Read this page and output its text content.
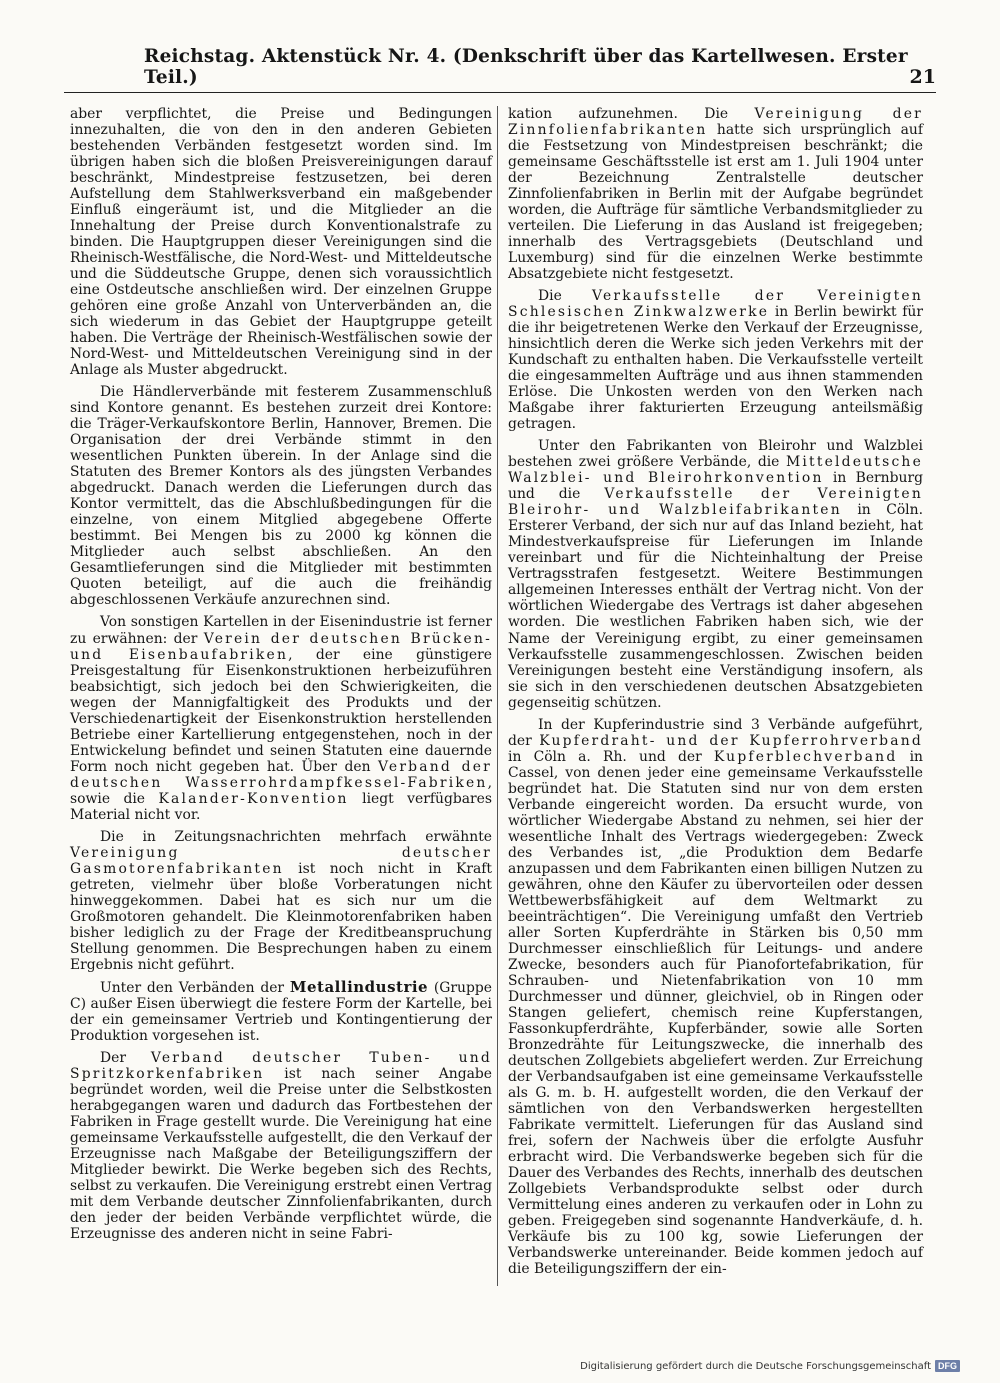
Reichstag. Aktenstück Nr. 4. (Denkschrift über das Kartellwesen. Erster Teil.)	21

aber verpflichtet, die Preise und Bedingungen innezuhalten, die von den in den anderen Gebieten bestehenden Verbänden festgesetzt worden sind. Im übrigen haben sich die bloßen Preisvereinigungen darauf beschränkt, Mindestpreise festzusetzen, bei deren Aufstellung dem Stahlwerksverband ein maßgebender Einfluß eingeräumt ist, und die Mitglieder an die Innehaltung der Preise durch Konventionalstrafe zu binden. Die Hauptgruppen dieser Vereinigungen sind die Rheinisch-Westfälische, die Nord-West- und Mitteldeutsche und die Süddeutsche Gruppe, denen sich voraussichtlich eine Ostdeutsche anschließen wird. Der einzelnen Gruppe gehören eine große Anzahl von Unterverbänden an, die sich wiederum in das Gebiet der Hauptgruppe geteilt haben. Die Verträge der Rheinisch-Westfälischen sowie der Nord-West- und Mitteldeutschen Vereinigung sind in der Anlage als Muster abgedruckt.

Die Händlerverbände mit festerem Zusammenschluß sind Kontore genannt. Es bestehen zurzeit drei Kontore: die Träger-Verkaufskontore Berlin, Hannover, Bremen. Die Organisation der drei Verbände stimmt in den wesentlichen Punkten überein. In der Anlage sind die Statuten des Bremer Kontors als des jüngsten Verbandes abgedruckt. Danach werden die Lieferungen durch das Kontor vermittelt, das die Abschlußbedingungen für die einzelne, von einem Mitglied abgegebene Offerte bestimmt. Bei Mengen bis zu 2000 kg können die Mitglieder auch selbst abschließen. An den Gesamtlieferungen sind die Mitglieder mit bestimmten Quoten beteiligt, auf die auch die freihändig abgeschlossenen Verkäufe anzurechnen sind.

Von sonstigen Kartellen in der Eisenindustrie ist ferner zu erwähnen: der Verein der deutschen Brücken- und Eisenbaufabriken, der eine günstigere Preisgestaltung für Eisenkonstruktionen herbeizuführen beabsichtigt, sich jedoch bei den Schwierigkeiten, die wegen der Mannigfaltigkeit des Produkts und der Verschiedenartigkeit der Eisenkonstruktion herstellenden Betriebe einer Kartellierung entgegenstehen, noch in der Entwickelung befindet und seinen Statuten eine dauernde Form noch nicht gegeben hat. Über den Verband der deutschen Wasserrohrdampfkessel-Fabriken, sowie die Kalander-Konvention liegt verfügbares Material nicht vor.

Die in Zeitungsnachrichten mehrfach erwähnte Vereinigung deutscher Gasmotorenfabrikanten ist noch nicht in Kraft getreten, vielmehr über bloße Vorberatungen nicht hinweggekommen. Dabei hat es sich nur um die Großmotoren gehandelt. Die Kleinmotorenfabriken haben bisher lediglich zu der Frage der Kreditbeanspruchung Stellung genommen. Die Besprechungen haben zu einem Ergebnis nicht geführt.

Unter den Verbänden der Metallindustrie (Gruppe C) außer Eisen überwiegt die festere Form der Kartelle, bei der ein gemeinsamer Vertrieb und Kontingentierung der Produktion vorgesehen ist.

Der Verband deutscher Tuben- und Spritzkorkenfabriken ist nach seiner Angabe begründet worden, weil die Preise unter die Selbstkosten herabgegangen waren und dadurch das Fortbestehen der Fabriken in Frage gestellt wurde. Die Vereinigung hat eine gemeinsame Verkaufsstelle aufgestellt, die den Verkauf der Erzeugnisse nach Maßgabe der Beteiligungsziffern der Mitglieder bewirkt. Die Werke begeben sich des Rechts, selbst zu verkaufen. Die Vereinigung erstrebt einen Vertrag mit dem Verbande deutscher Zinnfolienfabrikanten, durch den jeder der beiden Verbände verpflichtet würde, die Erzeugnisse des anderen nicht in seine Fabri-

kation aufzunehmen. Die Vereinigung der Zinnfolienfabrikanten hatte sich ursprünglich auf die Festsetzung von Mindestpreisen beschränkt; die gemeinsame Geschäftsstelle ist erst am 1. Juli 1904 unter der Bezeichnung Zentralstelle deutscher Zinnfolienfabriken in Berlin mit der Aufgabe begründet worden, die Aufträge für sämtliche Verbandsmitglieder zu verteilen. Die Lieferung in das Ausland ist freigegeben; innerhalb des Vertragsgebiets (Deutschland und Luxemburg) sind für die einzelnen Werke bestimmte Absatzgebiete nicht festgesetzt.

Die Verkaufsstelle der Vereinigten Schlesischen Zinkwalzwerke in Berlin bewirkt für die ihr beigetretenen Werke den Verkauf der Erzeugnisse, hinsichtlich deren die Werke sich jeden Verkehrs mit der Kundschaft zu enthalten haben. Die Verkaufsstelle verteilt die eingesammelten Aufträge und aus ihnen stammenden Erlöse. Die Unkosten werden von den Werken nach Maßgabe ihrer fakturierten Erzeugung anteilsmäßig getragen.

Unter den Fabrikanten von Bleirohr und Walzblei bestehen zwei größere Verbände, die Mitteldeutsche Walzblei- und Bleirohrkonvention in Bernburg und die Verkaufsstelle der Vereinigten Bleirohr- und Walzbleifabrikanten in Cöln. Ersterer Verband, der sich nur auf das Inland bezieht, hat Mindestverkaufspreise für Lieferungen im Inlande vereinbart und für die Nichteinhaltung der Preise Vertragsstrafen festgesetzt. Weitere Bestimmungen allgemeinen Interesses enthält der Vertrag nicht. Von der wörtlichen Wiedergabe des Vertrags ist daher abgesehen worden. Die westlichen Fabriken haben sich, wie der Name der Vereinigung ergibt, zu einer gemeinsamen Verkaufsstelle zusammengeschlossen. Zwischen beiden Vereinigungen besteht eine Verständigung insofern, als sie sich in den verschiedenen deutschen Absatzgebieten gegenseitig schützen.

In der Kupferindustrie sind 3 Verbände aufgeführt, der Kupferdraht- und der Kupferrohrverband in Cöln a. Rh. und der Kupferblechverband in Cassel, von denen jeder eine gemeinsame Verkaufsstelle begründet hat. Die Statuten sind nur von dem ersten Verbande eingereicht worden. Da ersucht wurde, von wörtlicher Wiedergabe Abstand zu nehmen, sei hier der wesentliche Inhalt des Vertrags wiedergegeben: Zweck des Verbandes ist, „die Produktion dem Bedarfe anzupassen und dem Fabrikanten einen billigen Nutzen zu gewähren, ohne den Käufer zu übervorteilen oder dessen Wettbewerbsfähigkeit auf dem Weltmarkt zu beeinträchtigen“. Die Vereinigung umfaßt den Vertrieb aller Sorten Kupferdrähte in Stärken bis 0,50 mm Durchmesser einschließlich für Leitungs- und andere Zwecke, besonders auch für Pianofortefabrikation, für Schrauben- und Nietenfabrikation von 10 mm Durchmesser und dünner, gleichviel, ob in Ringen oder Stangen geliefert, chemisch reine Kupferstangen, Fassonkupferdrähte, Kupferbänder, sowie alle Sorten Bronzedrähte für Leitungszwecke, die innerhalb des deutschen Zollgebiets abgeliefert werden. Zur Erreichung der Verbandsaufgaben ist eine gemeinsame Verkaufsstelle als G. m. b. H. aufgestellt worden, die den Verkauf der sämtlichen von den Verbandswerken hergestellten Fabrikate vermittelt. Lieferungen für das Ausland sind frei, sofern der Nachweis über die erfolgte Ausfuhr erbracht wird. Die Verbandswerke begeben sich für die Dauer des Verbandes des Rechts, innerhalb des deutschen Zollgebiets Verbandsprodukte selbst oder durch Vermittelung eines anderen zu verkaufen oder in Lohn zu geben. Freigegeben sind sogenannte Handverkäufe, d. h. Verkäufe bis zu 100 kg, sowie Lieferungen der Verbandswerke untereinander. Beide kommen jedoch auf die Beteiligungsziffern der ein-

Digitalisierung gefördert durch die Deutsche Forschungsgemeinschaft DFG
